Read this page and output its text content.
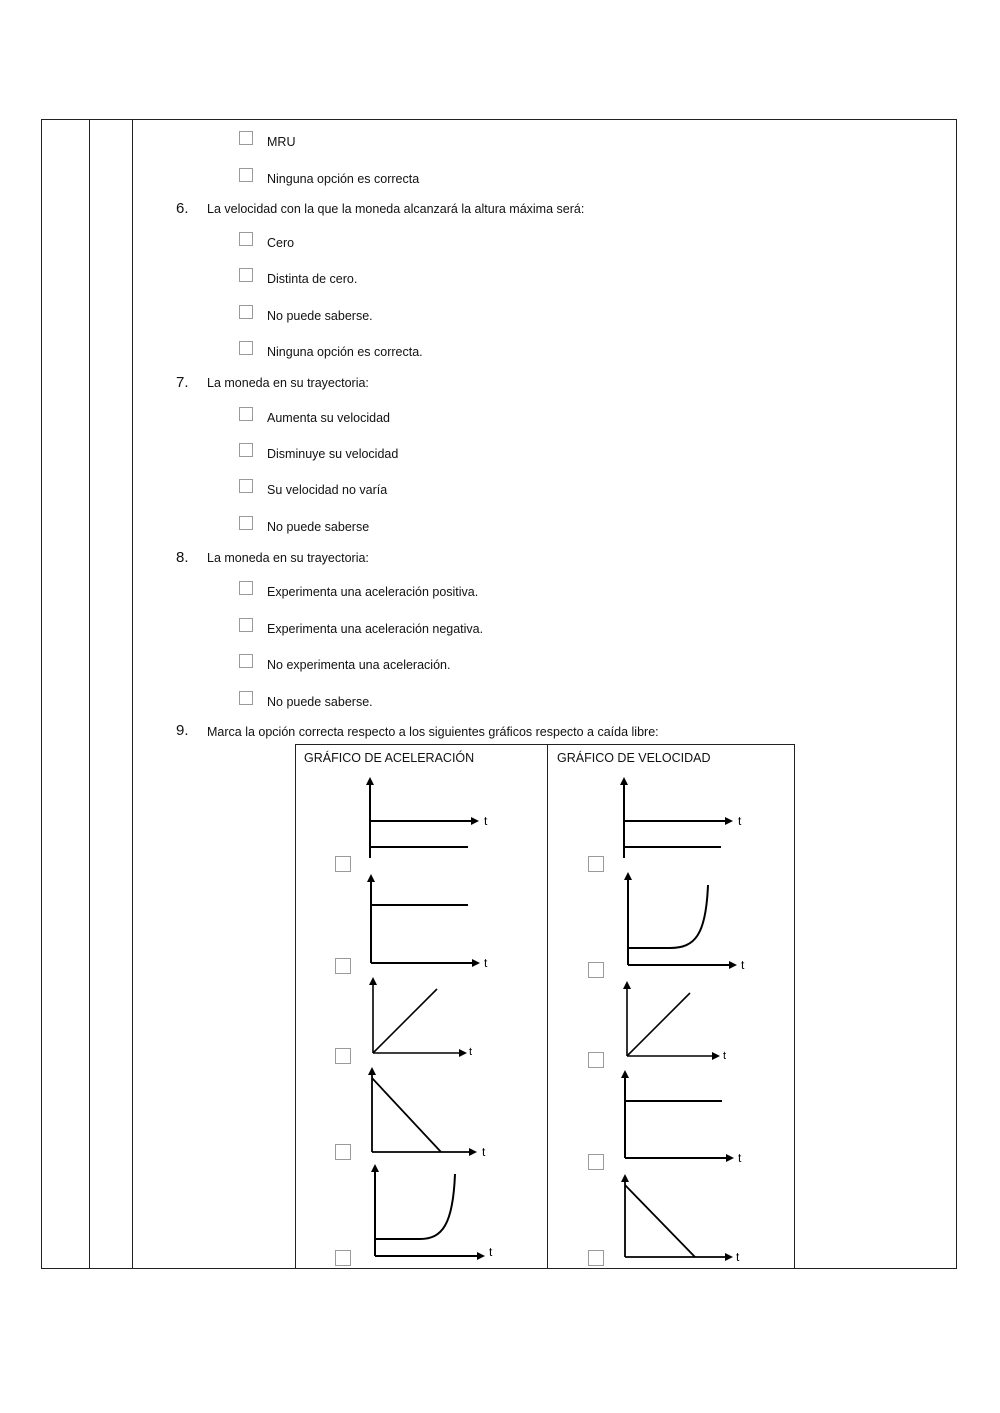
MRU
Ninguna opción es correcta
6. La velocidad con la que la moneda alcanzará la altura máxima será:
Cero
Distinta de cero.
No puede saberse.
Ninguna opción es correcta.
7. La moneda en su trayectoria:
Aumenta su velocidad
Disminuye su velocidad
Su velocidad no varía
No puede saberse
8. La moneda en su trayectoria:
Experimenta una aceleración positiva.
Experimenta una aceleración negativa.
No experimenta una aceleración.
No puede saberse.
9. Marca la opción correcta respecto a los siguientes gráficos respecto a caída libre:
GRÁFICO DE ACELERACIÓN	GRÁFICO DE VELOCIDAD
t
t
t
t
t
t
t
t
t
t
